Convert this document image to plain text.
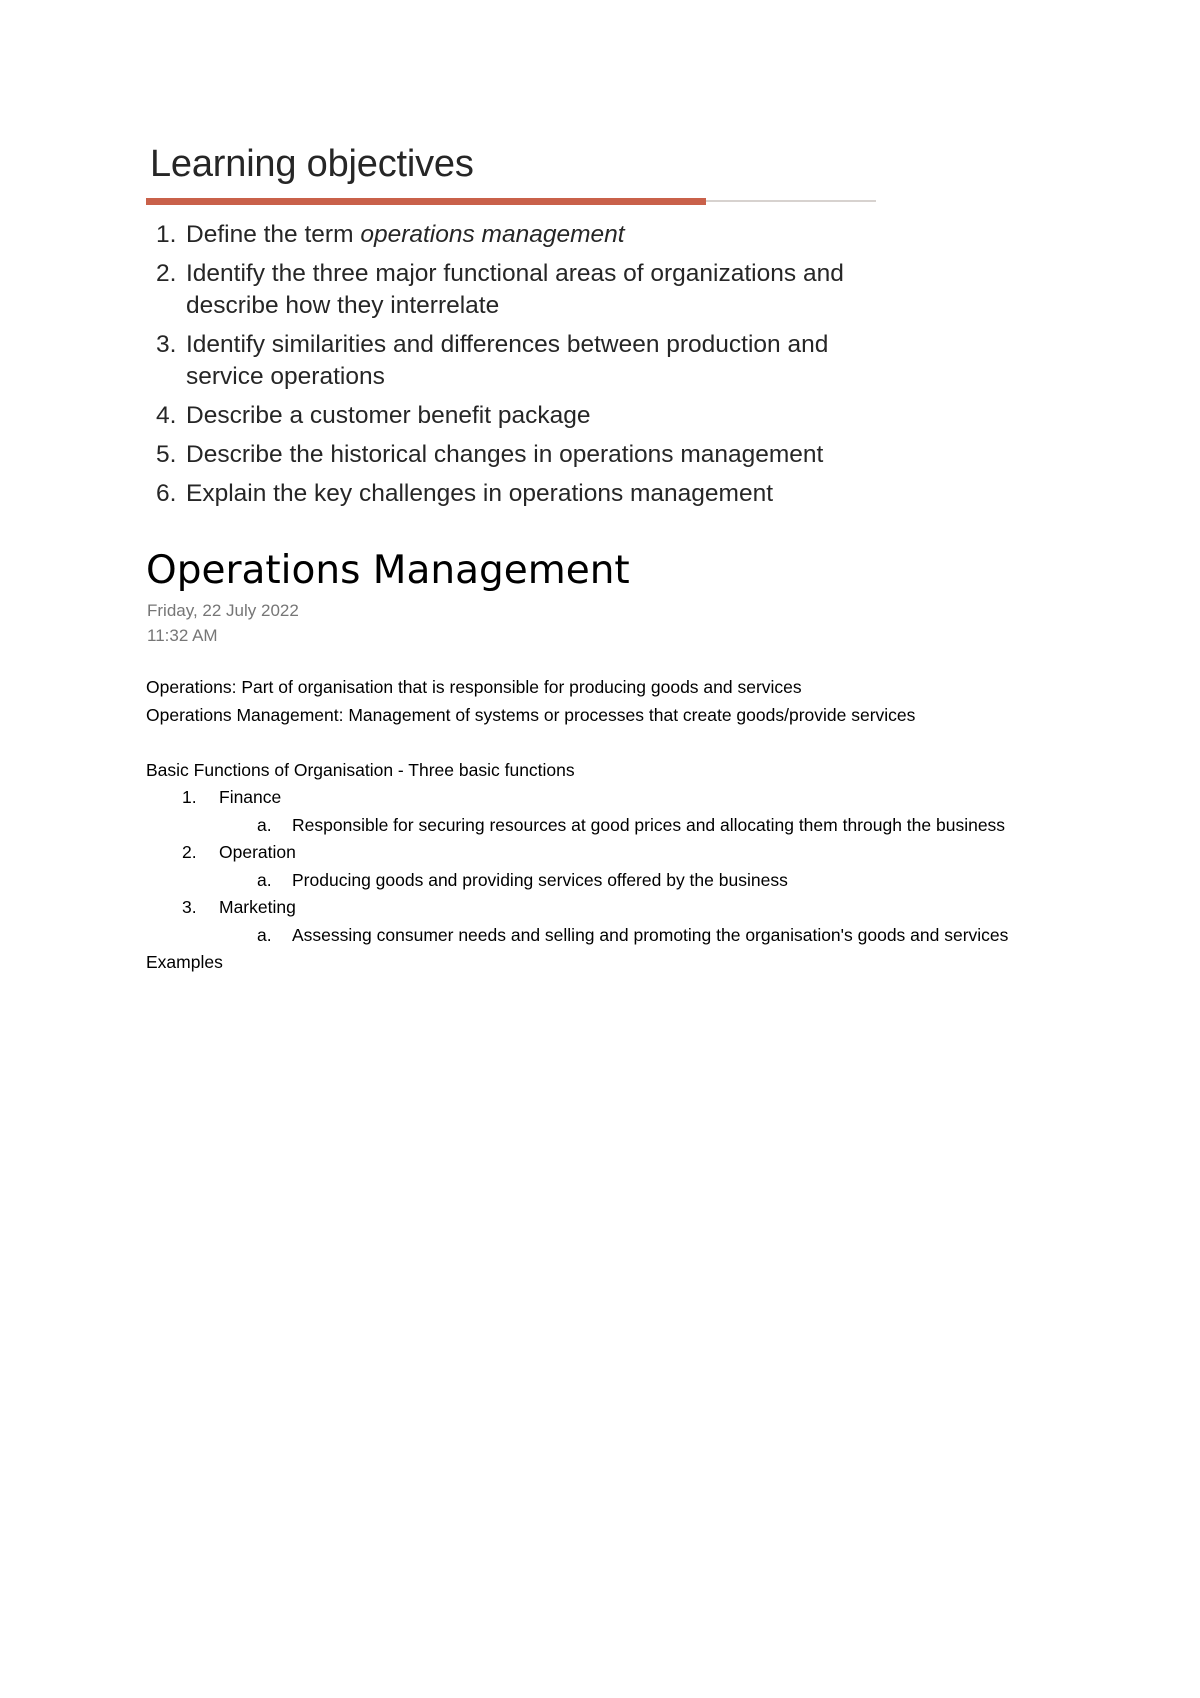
Learning objectives
1. Define the term operations management
2. Identify the three major functional areas of organizations and describe how they interrelate
3. Identify similarities and differences between production and service operations
4. Describe a customer benefit package
5. Describe the historical changes in operations management
6. Explain the key challenges in operations management
Operations Management
Friday, 22 July 2022
11:32 AM

Operations: Part of organisation that is responsible for producing goods and services

Operations Management: Management of systems or processes that create goods/provide services

Basic Functions of Organisation - Three basic functions

1. Finance
a. Responsible for securing resources at good prices and allocating them through the business
2. Operation
a. Producing goods and providing services offered by the business
3. Marketing
a. Assessing consumer needs and selling and promoting the organisation's goods and services

Examples
